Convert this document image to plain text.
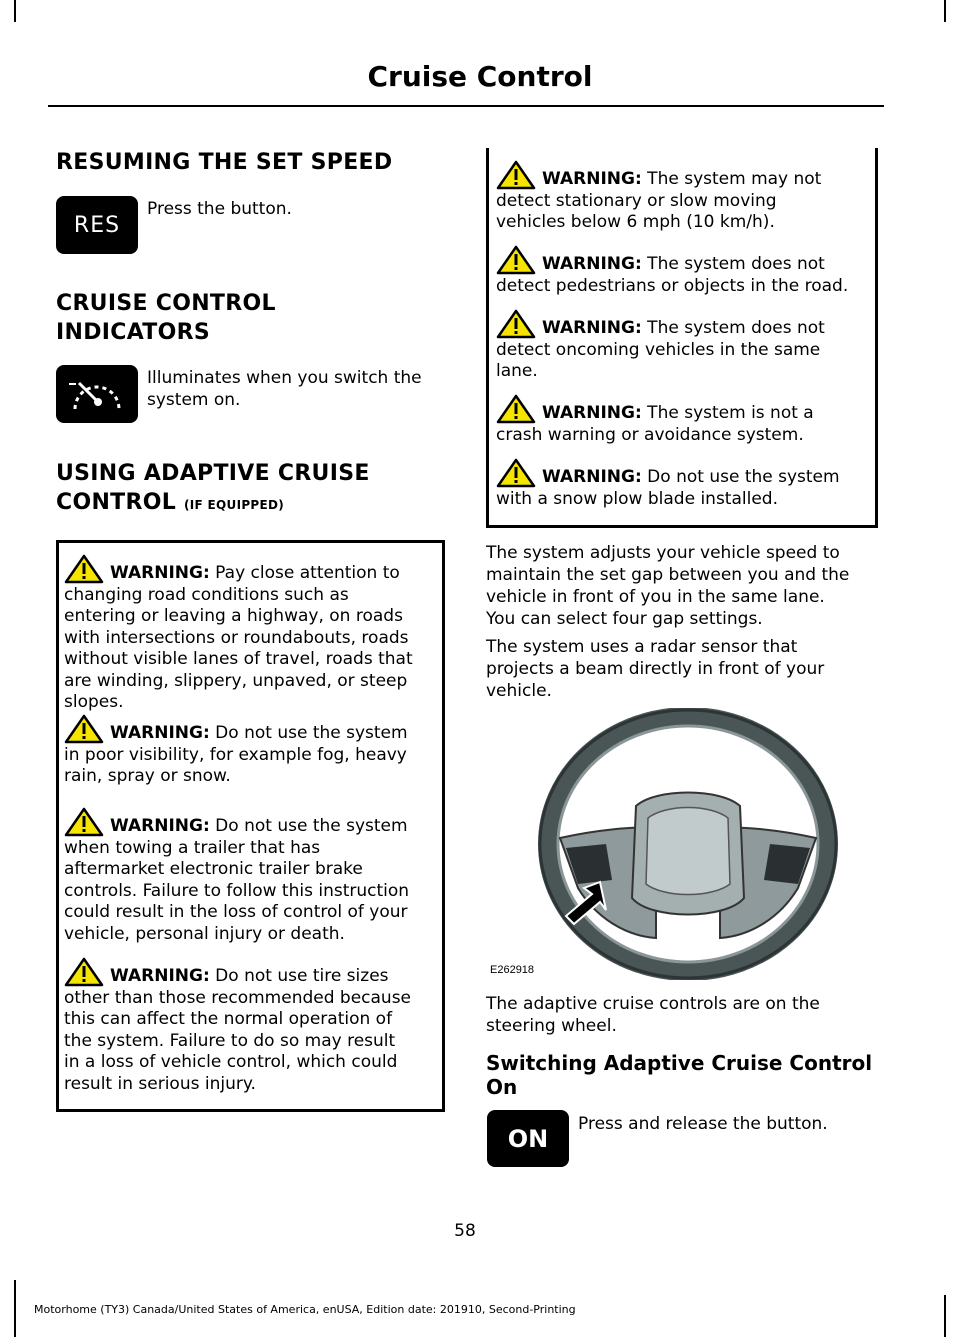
Cruise Control
RESUMING THE SET SPEED
RES
Press the button.
CRUISE CONTROL
INDICATORS
Illuminates when you switch the
system on.
USING ADAPTIVE CRUISE
CONTROL (IF EQUIPPED)
WARNING: Pay close attention to
changing road conditions such as
entering or leaving a highway, on roads
with intersections or roundabouts, roads
without visible lanes of travel, roads that
are winding, slippery, unpaved, or steep
slopes.
WARNING: Do not use the system
in poor visibility, for example fog, heavy
rain, spray or snow.
WARNING: Do not use the system
when towing a trailer that has
aftermarket electronic trailer brake
controls. Failure to follow this instruction
could result in the loss of control of your
vehicle, personal injury or death.
WARNING: Do not use tire sizes
other than those recommended because
this can affect the normal operation of
the system. Failure to do so may result
in a loss of vehicle control, which could
result in serious injury.
WARNING: The system may not
detect stationary or slow moving
vehicles below 6 mph (10 km/h).
WARNING: The system does not
detect pedestrians or objects in the road.
WARNING: The system does not
detect oncoming vehicles in the same
lane.
WARNING: The system is not a
crash warning or avoidance system.
WARNING: Do not use the system
with a snow plow blade installed.
The system adjusts your vehicle speed to
maintain the set gap between you and the
vehicle in front of you in the same lane.
You can select four gap settings.
The system uses a radar sensor that
projects a beam directly in front of your
vehicle.
E262918
The adaptive cruise controls are on the
steering wheel.
Switching Adaptive Cruise Control
On
ON
Press and release the button.
58
Motorhome (TY3) Canada/United States of America, enUSA, Edition date: 201910, Second-Printing
